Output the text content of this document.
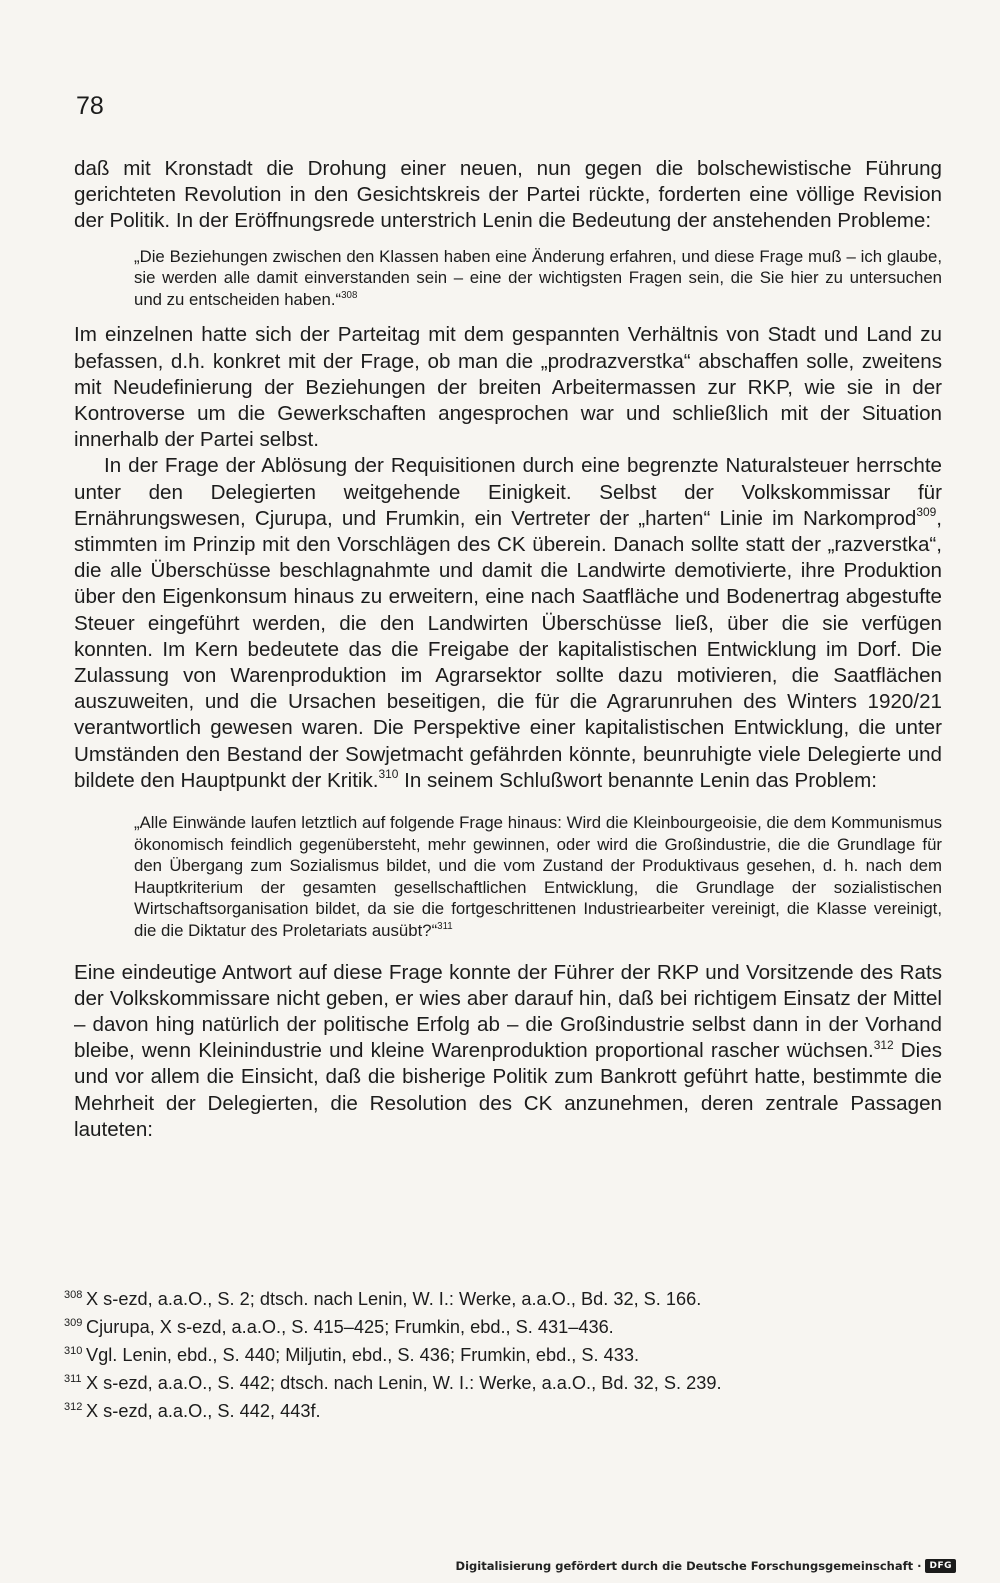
78

daß mit Kronstadt die Drohung einer neuen, nun gegen die bolschewistische Führung gerichteten Revolution in den Gesichtskreis der Partei rückte, forderten eine völlige Revision der Politik. In der Eröffnungsrede unterstrich Lenin die Bedeutung der anstehenden Probleme:

„Die Beziehungen zwischen den Klassen haben eine Änderung erfahren, und diese Frage muß – ich glaube, sie werden alle damit einverstanden sein – eine der wichtigsten Fragen sein, die Sie hier zu untersuchen und zu entscheiden haben.“$^{308}$

Im einzelnen hatte sich der Parteitag mit dem gespannten Verhältnis von Stadt und Land zu befassen, d.h. konkret mit der Frage, ob man die „prodrazverstka“ abschaffen solle, zweitens mit Neudefinierung der Beziehungen der breiten Arbeitermassen zur RKP, wie sie in der Kontroverse um die Gewerkschaften angesprochen war und schließlich mit der Situation innerhalb der Partei selbst.

In der Frage der Ablösung der Requisitionen durch eine begrenzte Naturalsteuer herrschte unter den Delegierten weitgehende Einigkeit. Selbst der Volkskommissar für Ernährungswesen, Cjurupa, und Frumkin, ein Vertreter der „harten“ Linie im Narkomprod$^{309}$, stimmten im Prinzip mit den Vorschlägen des CK überein. Danach sollte statt der „razverstka“, die alle Überschüsse beschlagnahmte und damit die Landwirte demotivierte, ihre Produktion über den Eigenkonsum hinaus zu erweitern, eine nach Saatfläche und Bodenertrag abgestufte Steuer eingeführt werden, die den Landwirten Überschüsse ließ, über die sie verfügen konnten. Im Kern bedeutete das die Freigabe der kapitalistischen Entwicklung im Dorf. Die Zulassung von Warenproduktion im Agrarsektor sollte dazu motivieren, die Saatflächen auszuweiten, und die Ursachen beseitigen, die für die Agrarunruhen des Winters 1920/21 verantwortlich gewesen waren. Die Perspektive einer kapitalistischen Entwicklung, die unter Umständen den Bestand der Sowjetmacht gefährden könnte, beunruhigte viele Delegierte und bildete den Hauptpunkt der Kritik.$^{310}$ In seinem Schlußwort benannte Lenin das Problem:

„Alle Einwände laufen letztlich auf folgende Frage hinaus: Wird die Kleinbourgeoisie, die dem Kommunismus ökonomisch feindlich gegenübersteht, mehr gewinnen, oder wird die Großindustrie, die die Grundlage für den Übergang zum Sozialismus bildet, und die vom Zustand der Produktivaus gesehen, d. h. nach dem Hauptkriterium der gesamten gesellschaftlichen Entwicklung, die Grundlage der sozialistischen Wirtschaftsorganisation bildet, da sie die fortgeschrittenen Industriearbeiter vereinigt, die Klasse vereinigt, die die Diktatur des Proletariats ausübt?“$^{311}$

Eine eindeutige Antwort auf diese Frage konnte der Führer der RKP und Vorsitzende des Rats der Volkskommissare nicht geben, er wies aber darauf hin, daß bei richtigem Einsatz der Mittel – davon hing natürlich der politische Erfolg ab – die Großindustrie selbst dann in der Vorhand bleibe, wenn Kleinindustrie und kleine Warenproduktion proportional rascher wüchsen.$^{312}$ Dies und vor allem die Einsicht, daß die bisherige Politik zum Bankrott geführt hatte, bestimmte die Mehrheit der Delegierten, die Resolution des CK anzunehmen, deren zentrale Passagen lauteten:

308 X s-ezd, a.a.O., S. 2; dtsch. nach Lenin, W. I.: Werke, a.a.O., Bd. 32, S. 166.
309 Cjurupa, X s-ezd, a.a.O., S. 415–425; Frumkin, ebd., S. 431–436.
310 Vgl. Lenin, ebd., S. 440; Miljutin, ebd., S. 436; Frumkin, ebd., S. 433.
311 X s-ezd, a.a.O., S. 442; dtsch. nach Lenin, W. I.: Werke, a.a.O., Bd. 32, S. 239.
312 X s-ezd, a.a.O., S. 442, 443f.
Digitalisierung gefördert durch die Deutsche Forschungsgemeinschaft · DFG
